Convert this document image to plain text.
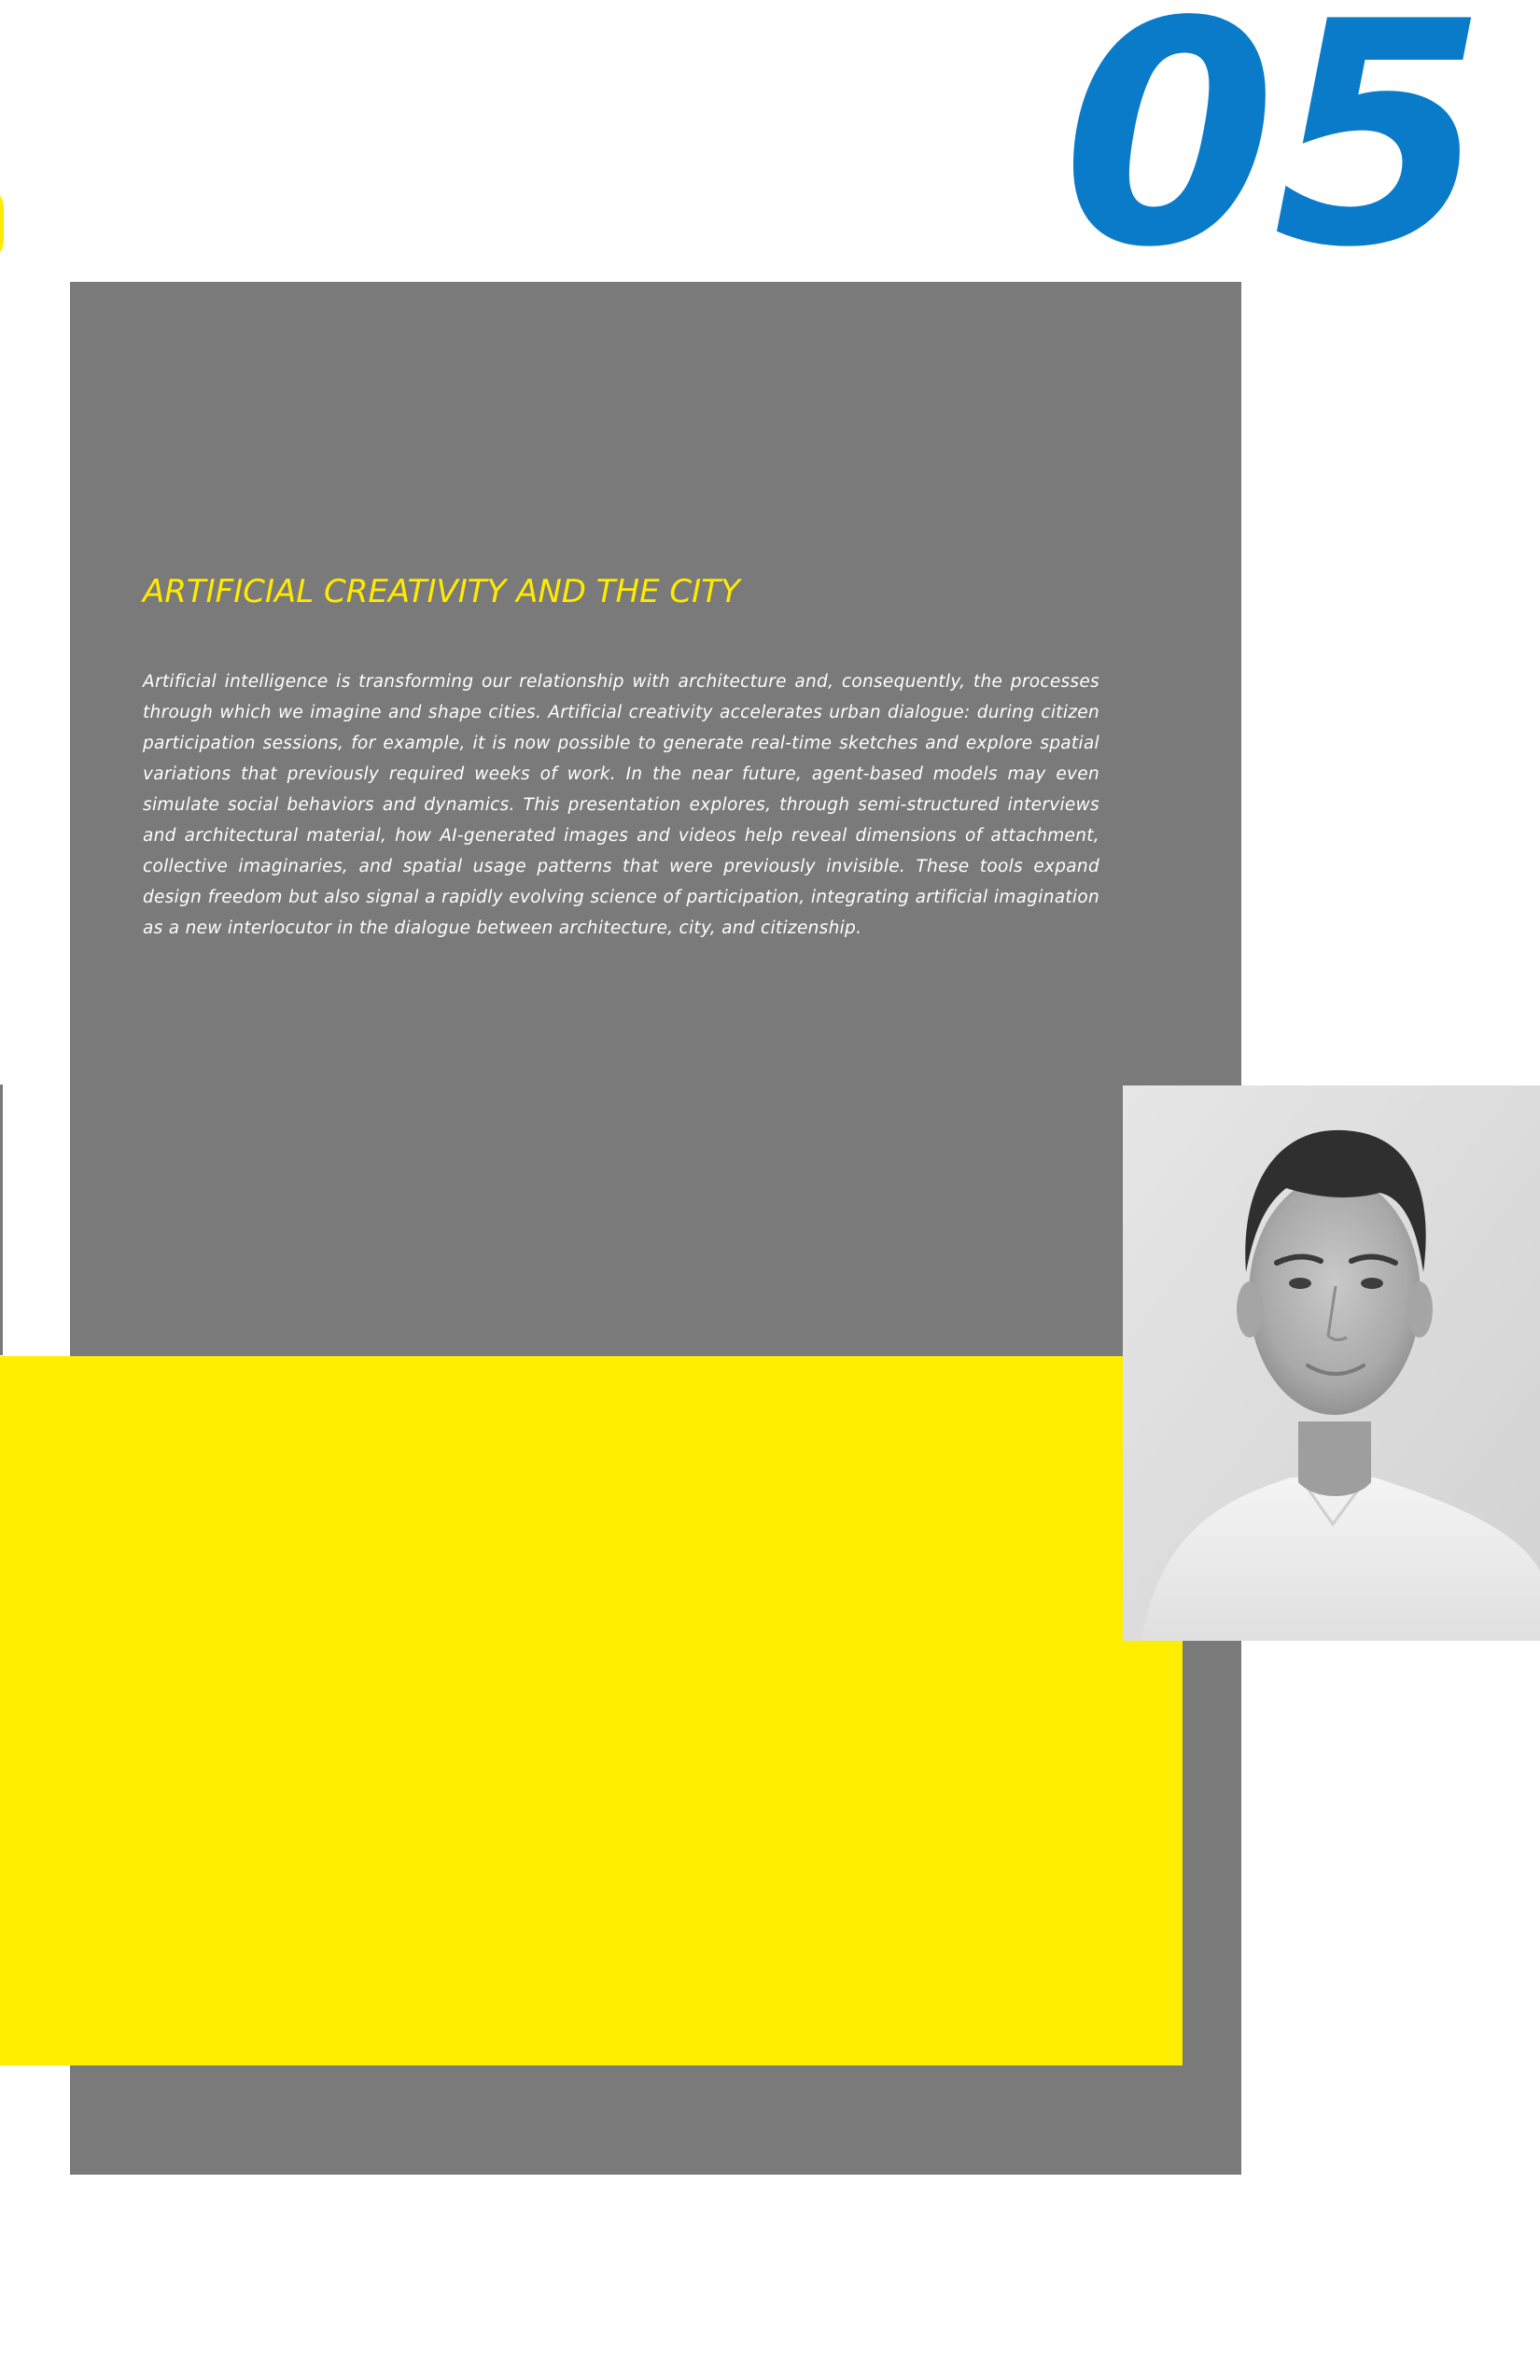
05
ARTIFICIAL CREATIVITY AND THE CITY

Artificial intelligence is transforming our relationship with architecture and, consequently, the processes through which we imagine and shape cities. Artificial creativity accelerates urban dialogue: during citizen participation sessions, for example, it is now possible to generate real-time sketches and explore spatial variations that previously required weeks of work. In the near future, agent-based models may even simulate social behaviors and dynamics. This presentation explores, through semi-structured interviews and architectural material, how AI-generated images and videos help reveal dimensions of attachment, collective imaginaries, and spatial usage patterns that were previously invisible. These tools expand design freedom but also signal a rapidly evolving science of participation, integrating artificial imagination as a new interlocutor in the dialogue between architecture, city, and citizenship.
